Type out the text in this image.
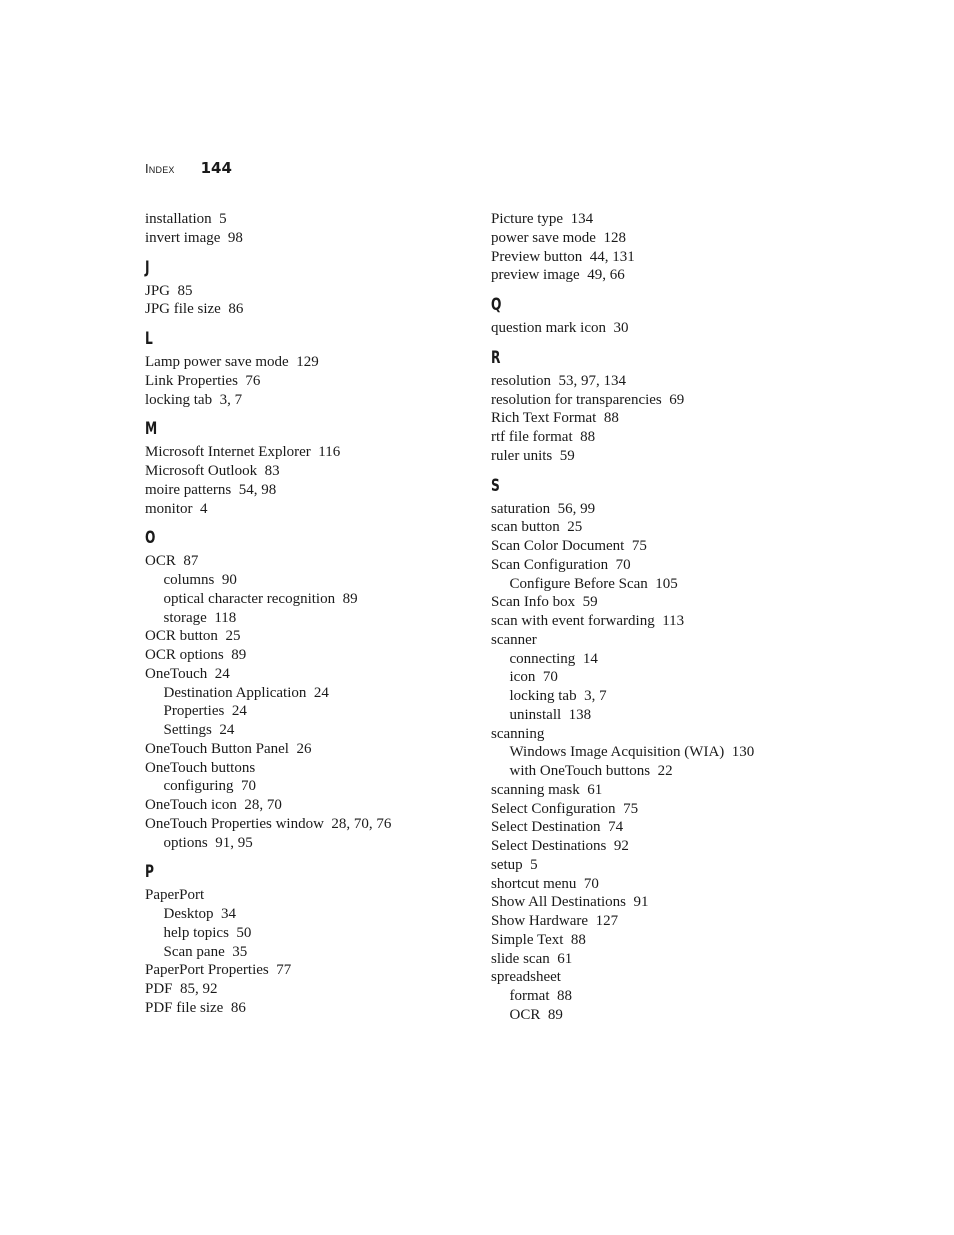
Index 144
installation 5
invert image 98
J
JPG 85
JPG file size 86
L
Lamp power save mode 129
Link Properties 76
locking tab 3, 7
M
Microsoft Internet Explorer 116
Microsoft Outlook 83
moire patterns 54, 98
monitor 4
O
OCR 87
columns 90
optical character recognition 89
storage 118
OCR button 25
OCR options 89
OneTouch 24
Destination Application 24
Properties 24
Settings 24
OneTouch Button Panel 26
OneTouch buttons
configuring 70
OneTouch icon 28, 70
OneTouch Properties window 28, 70, 76
options 91, 95
P
PaperPort
Desktop 34
help topics 50
Scan pane 35
PaperPort Properties 77
PDF 85, 92
PDF file size 86
Picture type 134
power save mode 128
Preview button 44, 131
preview image 49, 66
Q
question mark icon 30
R
resolution 53, 97, 134
resolution for transparencies 69
Rich Text Format 88
rtf file format 88
ruler units 59
S
saturation 56, 99
scan button 25
Scan Color Document 75
Scan Configuration 70
Configure Before Scan 105
Scan Info box 59
scan with event forwarding 113
scanner
connecting 14
icon 70
locking tab 3, 7
uninstall 138
scanning
Windows Image Acquisition (WIA) 130
with OneTouch buttons 22
scanning mask 61
Select Configuration 75
Select Destination 74
Select Destinations 92
setup 5
shortcut menu 70
Show All Destinations 91
Show Hardware 127
Simple Text 88
slide scan 61
spreadsheet
format 88
OCR 89
